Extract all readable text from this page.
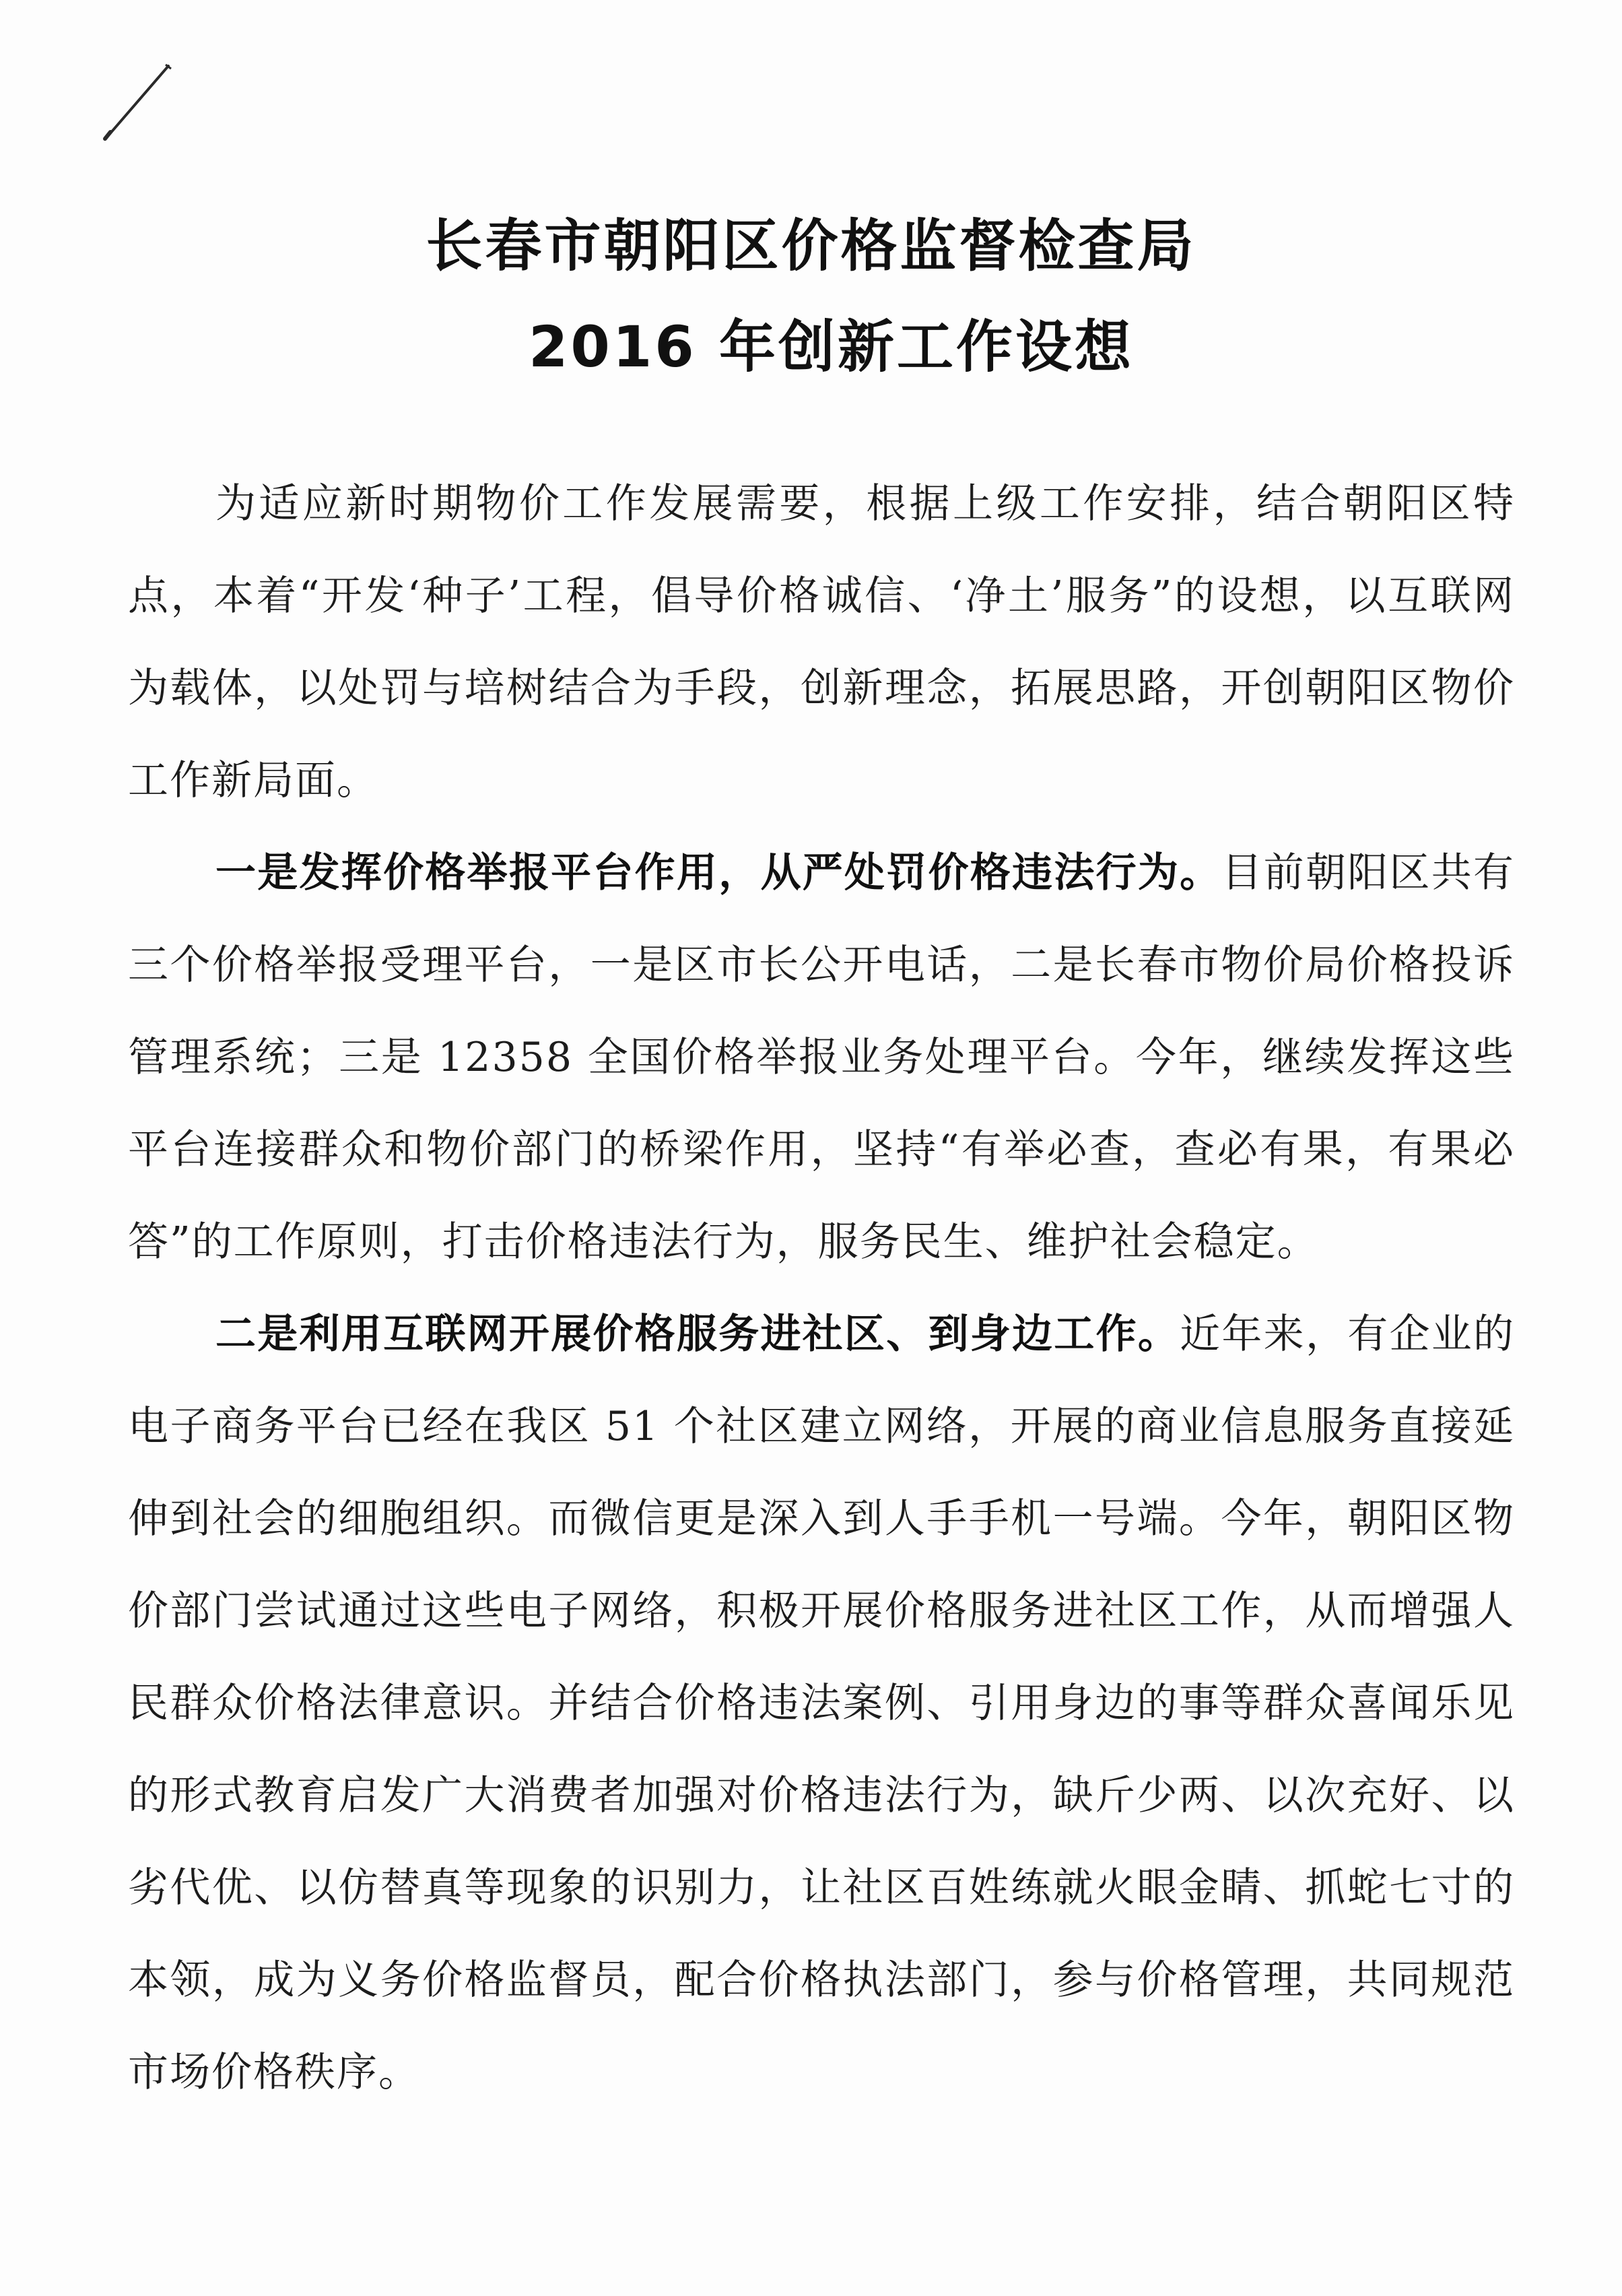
长春市朝阳区价格监督检查局
2016 年创新工作设想

为适应新时期物价工作发展需要，根据上级工作安排，结合朝阳区特点，本着“开发‘种子’工程，倡导价格诚信、‘净土’服务”的设想，以互联网为载体，以处罚与培树结合为手段，创新理念，拓展思路，开创朝阳区物价工作新局面。

一是发挥价格举报平台作用，从严处罚价格违法行为。目前朝阳区共有三个价格举报受理平台，一是区市长公开电话，二是长春市物价局价格投诉管理系统；三是 12358 全国价格举报业务处理平台。今年，继续发挥这些平台连接群众和物价部门的桥梁作用，坚持“有举必查，查必有果，有果必答”的工作原则，打击价格违法行为，服务民生、维护社会稳定。

二是利用互联网开展价格服务进社区、到身边工作。近年来，有企业的电子商务平台已经在我区 51 个社区建立网络，开展的商业信息服务直接延伸到社会的细胞组织。而微信更是深入到人手手机一号端。今年，朝阳区物价部门尝试通过这些电子网络，积极开展价格服务进社区工作，从而增强人民群众价格法律意识。并结合价格违法案例、引用身边的事等群众喜闻乐见的形式教育启发广大消费者加强对价格违法行为，缺斤少两、以次充好、以劣代优、以仿替真等现象的识别力，让社区百姓练就火眼金睛、抓蛇七寸的本领，成为义务价格监督员，配合价格执法部门，参与价格管理，共同规范市场价格秩序。
